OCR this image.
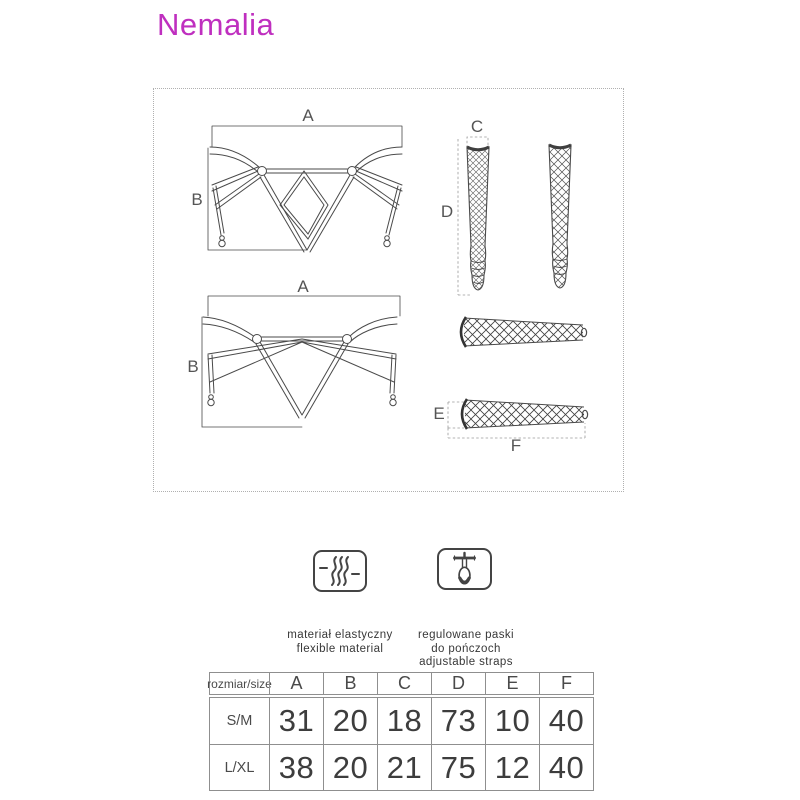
Nemalia
A
B
A
B
C
D
E
F
materiał elastyczny
flexible material
regulowane paski
do pończoch
adjustable straps
rozmiar/size	A	B	C	D	E	F
S/M 31 20 18 73 10 40
L/XL 38 20 21 75 12 40
